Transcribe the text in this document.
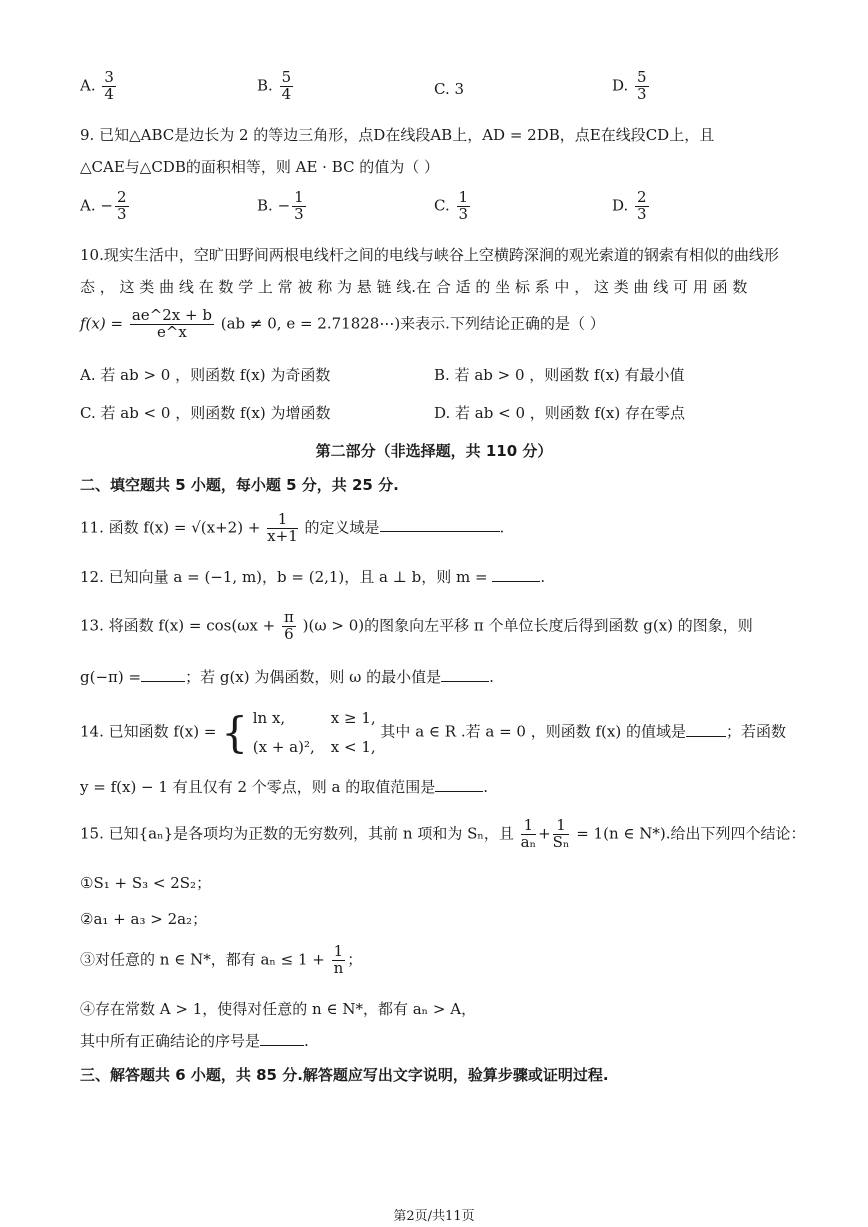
A. $\frac{3}{4}$	B. $\frac{5}{4}$	C. 3	D. $\frac{5}{3}$
9. 已知△ABC是边长为 2 的等边三角形，点D在线段AB上，AD = 2DB，点E在线段CD上，且
△CAE与△CDB的面积相等，则 AE · BC 的值为（ ）
A. − $\frac{2}{3}$	B. − $\frac{1}{3}$	C. $\frac{1}{3}$	D. $\frac{2}{3}$
10.现实生活中，空旷田野间两根电线杆之间的电线与峡谷上空横跨深涧的观光索道的钢索有相似的曲线形
态 ， 这 类 曲 线 在 数 学 上 常 被 称 为 悬 链 线.在 合 适 的 坐 标 系 中 ， 这 类 曲 线 可 用 函 数
$f(x) = \frac{ae\^{}2x + b}{e\^{}x} (ab \ne 0$, e = 2.71828⋯)来表示.下列结论正确的是（ ）
A. 若 ab > 0 ，则函数 f(x) 为奇函数	B. 若 ab > 0 ，则函数 f(x) 有最小值
C. 若 ab < 0 ，则函数 f(x) 为增函数	D. 若 ab < 0 ，则函数 f(x) 存在零点
第二部分（非选择题，共 110 分）
二、填空题共 5 小题，每小题 5 分，共 25 分.
11. 函数 $f(x) = √(x+2) + \frac{1}{x+1}$ 的定义域是	.
12. 已知向量 a = (−1, m)，b = (2,1)，且 a ⊥ b，则 m =	.
13. 将函数 $f(x) = \cos(\omega x + \frac{\pi}{6} )(\omega > 0)$的图象向左平移 π 个单位长度后得到函数 g(x) 的图象，则
g(−π) =	；若 g(x) 为偶函数，则 ω 的最小值是	.
14. 已知函数 f(x) = { ln x,	x ≥ 1,
(x + a)², x < 1, 其中 a ∈ R .若 a = 0 ，则函数 f(x) 的值域是	；若函数
y = f(x) − 1 有且仅有 2 个零点，则 a 的取值范围是	.
15. 已知{aₙ}是各项均为正数的无穷数列，其前 n 项和为 Sₙ，且 $\frac{1}{\text{aₙ}} + \frac{1}{\text{Sₙ}} = 1(n$ ∈ N*).给出下列四个结论：
①S₁ + S₃ < 2S₂；
②a₁ + a₃ > 2a₂；
③对任意的 n ∈ N*，都有 $a_n \le 1 + \frac{1}{n}$ ；
④存在常数 A > 1，使得对任意的 n ∈ N*，都有 aₙ > A，
其中所有正确结论的序号是	.
三、解答题共 6 小题，共 85 分.解答题应写出文字说明，验算步骤或证明过程.
第2页/共11页
